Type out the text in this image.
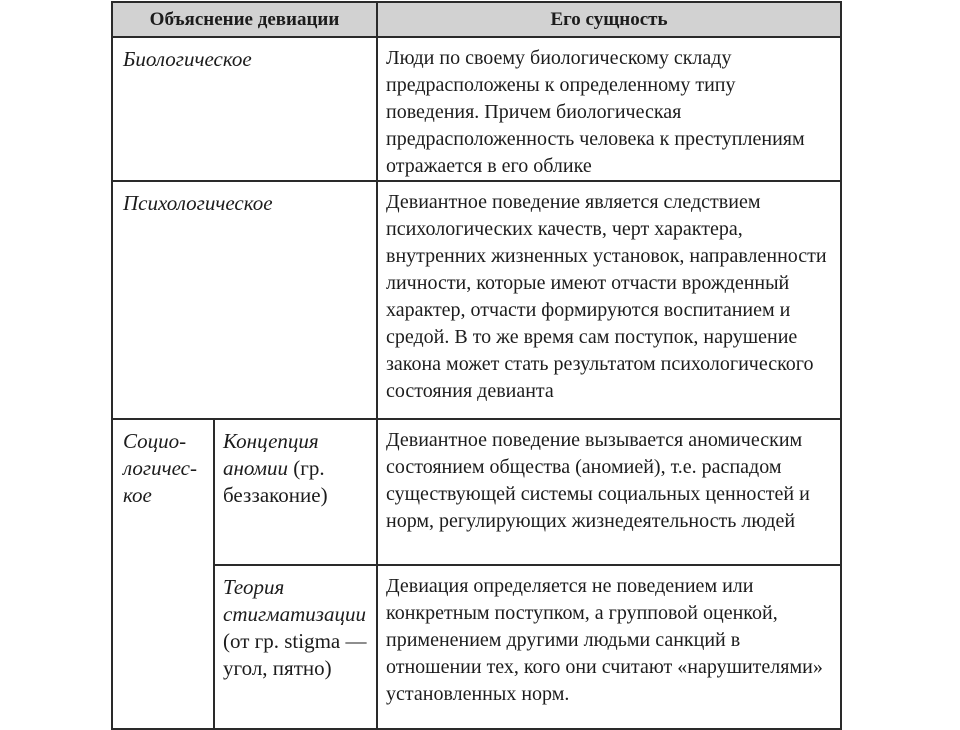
Объяснение девиации		Его сущность
Биологическое		Люди по своему биологическому складу предрасположены к определенному типу поведения. Причем биологическая предрасположенность человека к преступлениям отражается в его облике
Психологическое		Девиантное поведение является следствием психологических качеств, черт характера, внутренних жизненных установок, направленности личности, которые имеют отчасти врожденный характер, отчасти формируются воспитанием и средой. В то же время сам поступок, нарушение закона может стать результатом психологического состояния девианта
Социо-логичес-кое	Концепция аномии (гр. беззаконие)	Девиантное поведение вызывается аномическим состоянием общества (аномией), т.е. распадом существующей системы социальных ценностей и норм, регулирующих жизнедеятельность людей
	Теория стигматизации (от гр. stigma — угол, пятно)	Девиация определяется не поведением или конкретным поступком, а групповой оценкой, применением другими людьми санкций в отношении тех, кого они считают «нарушителями» установленных норм.
